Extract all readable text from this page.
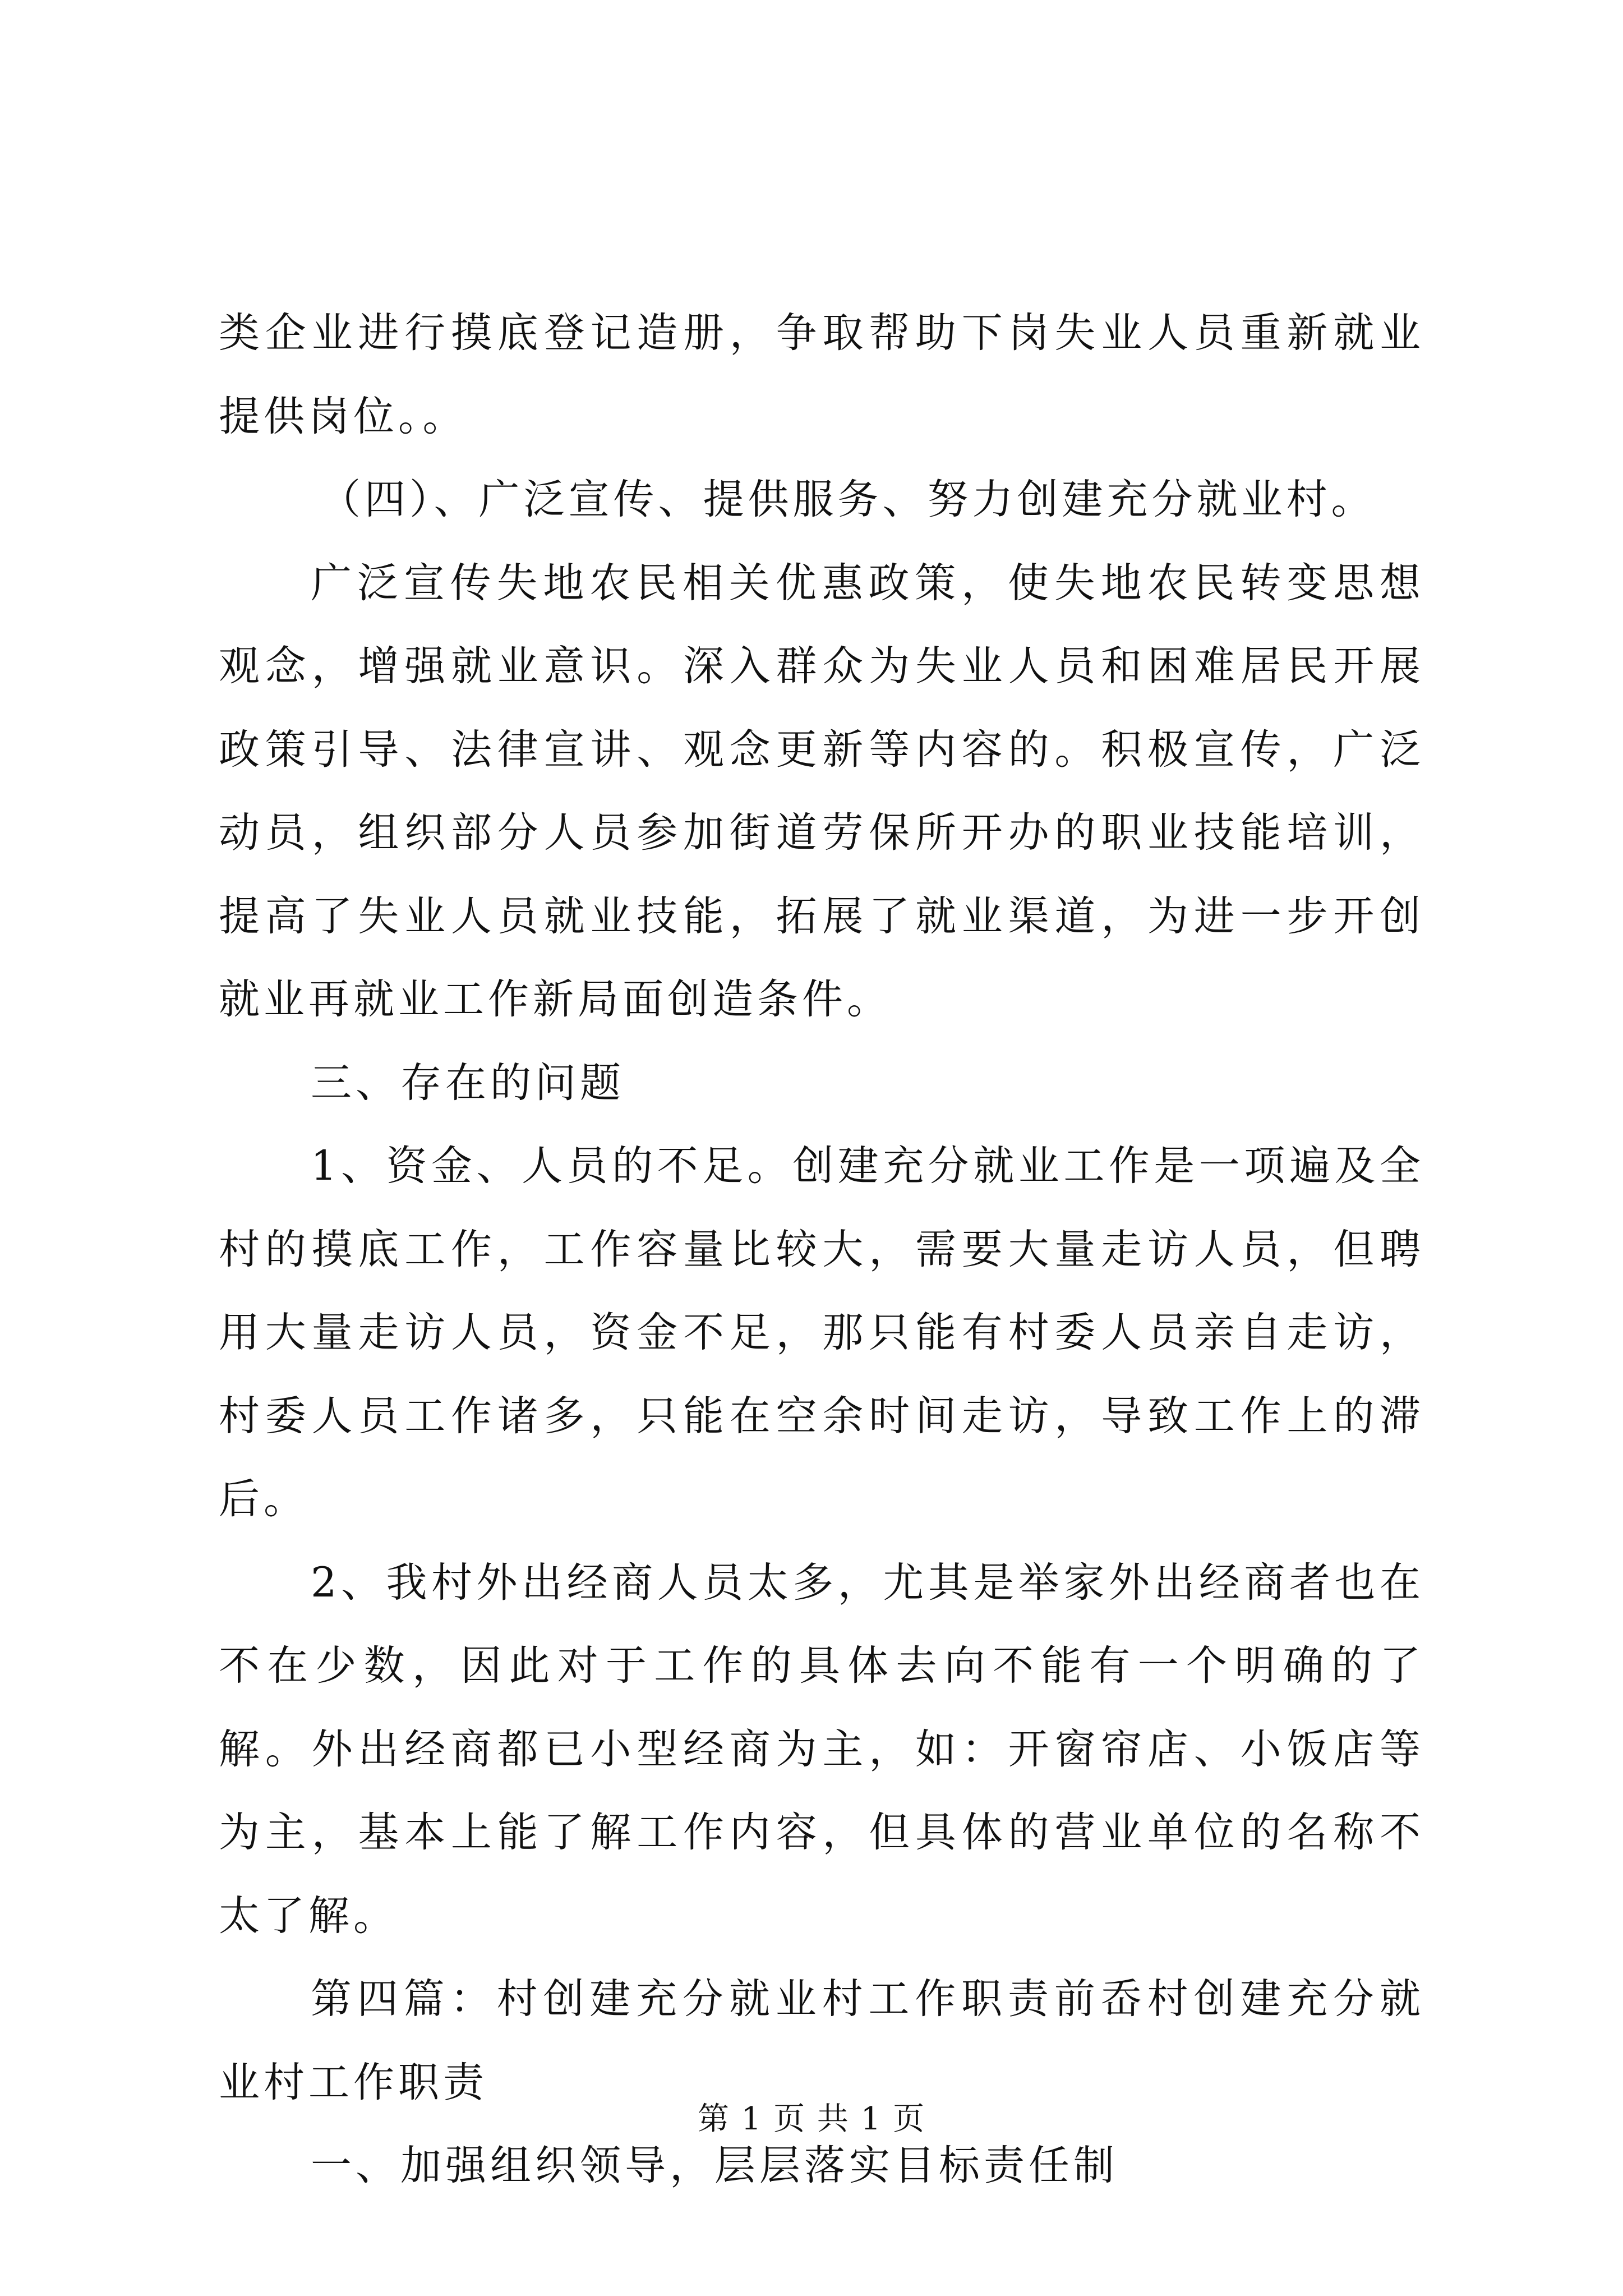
类企业进行摸底登记造册，争取帮助下岗失业人员重新就业提供岗位。。

（四）、广泛宣传、提供服务、努力创建充分就业村。

广泛宣传失地农民相关优惠政策，使失地农民转变思想观念，增强就业意识。深入群众为失业人员和困难居民开展政策引导、法律宣讲、观念更新等内容的。积极宣传，广泛动员，组织部分人员参加街道劳保所开办的职业技能培训，提高了失业人员就业技能，拓展了就业渠道，为进一步开创就业再就业工作新局面创造条件。

三、存在的问题

1、资金、人员的不足。创建充分就业工作是一项遍及全村的摸底工作，工作容量比较大，需要大量走访人员，但聘用大量走访人员，资金不足，那只能有村委人员亲自走访，村委人员工作诸多，只能在空余时间走访，导致工作上的滞后。

2、我村外出经商人员太多，尤其是举家外出经商者也在不在少数，因此对于工作的具体去向不能有一个明确的了解。外出经商都已小型经商为主，如：开窗帘店、小饭店等为主，基本上能了解工作内容，但具体的营业单位的名称不太了解。

第四篇：村创建充分就业村工作职责前岙村创建充分就业村工作职责

一、加强组织领导，层层落实目标责任制

第 1 页 共 1 页
